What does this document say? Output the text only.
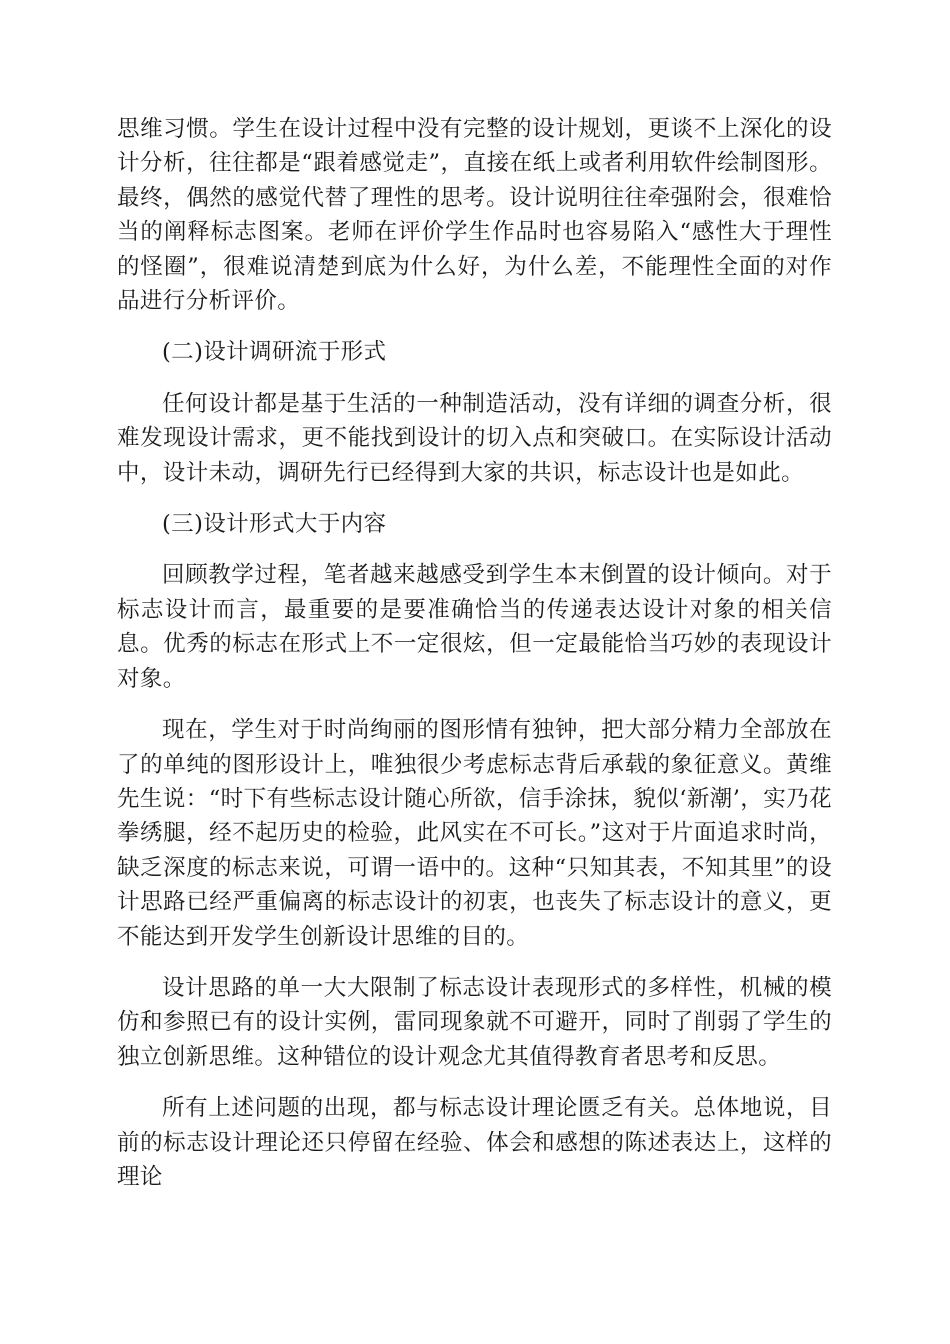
思维习惯。学生在设计过程中没有完整的设计规划，更谈不上深化的设计分析，往往都是“跟着感觉走”，直接在纸上或者利用软件绘制图形。最终，偶然的感觉代替了理性的思考。设计说明往往牵强附会，很难恰当的阐释标志图案。老师在评价学生作品时也容易陷入“感性大于理性的怪圈”，很难说清楚到底为什么好，为什么差，不能理性全面的对作品进行分析评价。

(二)设计调研流于形式

任何设计都是基于生活的一种制造活动，没有详细的调查分析，很难发现设计需求，更不能找到设计的切入点和突破口。在实际设计活动中，设计未动，调研先行已经得到大家的共识，标志设计也是如此。

(三)设计形式大于内容

回顾教学过程，笔者越来越感受到学生本末倒置的设计倾向。对于标志设计而言，最重要的是要准确恰当的传递表达设计对象的相关信息。优秀的标志在形式上不一定很炫，但一定最能恰当巧妙的表现设计对象。

现在，学生对于时尚绚丽的图形情有独钟，把大部分精力全部放在了的单纯的图形设计上，唯独很少考虑标志背后承载的象征意义。黄维先生说：“时下有些标志设计随心所欲，信手涂抹，貌似‘新潮’，实乃花拳绣腿，经不起历史的检验，此风实在不可长。”这对于片面追求时尚，缺乏深度的标志来说，可谓一语中的。这种“只知其表，不知其里”的设计思路已经严重偏离的标志设计的初衷，也丧失了标志设计的意义，更不能达到开发学生创新设计思维的目的。

设计思路的单一大大限制了标志设计表现形式的多样性，机械的模仿和参照已有的设计实例，雷同现象就不可避开，同时了削弱了学生的独立创新思维。这种错位的设计观念尤其值得教育者思考和反思。

所有上述问题的出现，都与标志设计理论匮乏有关。总体地说，目前的标志设计理论还只停留在经验、体会和感想的陈述表达上，这样的理论
